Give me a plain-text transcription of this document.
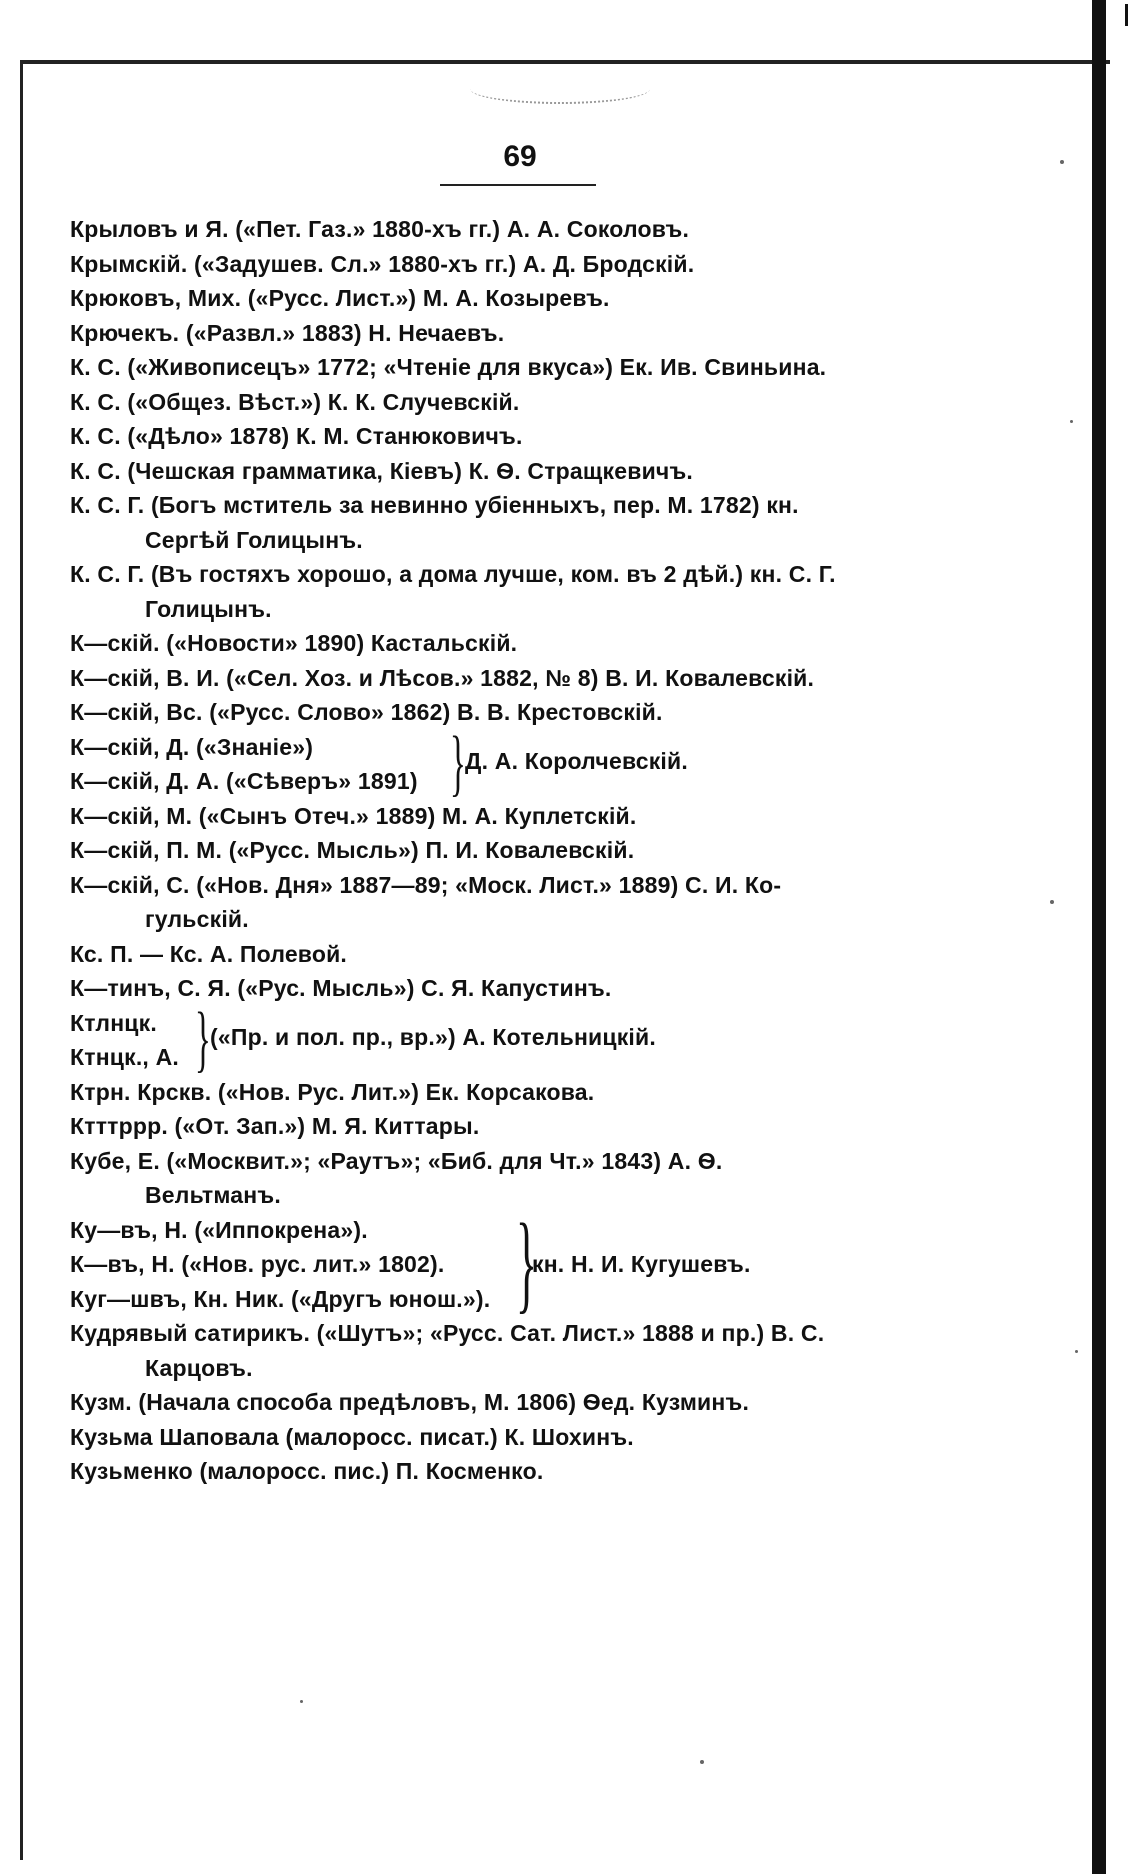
69
Крыловъ и Я. («Пет. Газ.» 1880-хъ гг.) А. А. Соколовъ.
Крымскій. («Задушев. Сл.» 1880-хъ гг.) А. Д. Бродскій.
Крюковъ, Мих. («Русс. Лист.») М. А. Козыревъ.
Крючекъ. («Развл.» 1883) Н. Нечаевъ.
К. С. («Живописецъ» 1772; «Чтеніе для вкуса») Ек. Ив. Свиньина.
К. С. («Общез. Вѣст.») К. К. Случевскій.
К. С. («Дѣло» 1878) К. М. Станюковичъ.
К. С. (Чешская грамматика, Кіевъ) К. Ѳ. Стращкевичъ.
К. С. Г. (Богъ мститель за невинно убіенныхъ, пер. М. 1782) кн.
Сергѣй Голицынъ.
К. С. Г. (Въ гостяхъ хорошо, а дома лучше, ком. въ 2 дѣй.) кн. С. Г.
Голицынъ.
К—скій. («Новости» 1890) Кастальскій.
К—скій, В. И. («Сел. Хоз. и Лѣсов.» 1882, № 8) В. И. Ковалевскій.
К—скій, Вс. («Русс. Слово» 1862) В. В. Крестовскій.
К—скій, Д. («Знаніе»)
К—скій, Д. А. («Сѣверъ» 1891) } Д. А. Королчевскій.
К—скій, М. («Сынъ Отеч.» 1889) М. А. Куплетскій.
К—скій, П. М. («Русс. Мысль») П. И. Ковалевскій.
К—скій, С. («Нов. Дня» 1887—89; «Моск. Лист.» 1889) С. И. Ко-
гульскій.
Кс. П. — Кс. А. Полевой.
К—тинъ, С. Я. («Рус. Мысль») С. Я. Капустинъ.
Ктлнцк.
Ктнцк., А. } («Пр. и пол. пр., вр.») А. Котельницкій.
Ктрн. Крскв. («Нов. Рус. Лит.») Ек. Корсакова.
Ктттррр. («От. Зап.») М. Я. Киттары.
Кубе, Е. («Москвит.»; «Раутъ»; «Биб. для Чт.» 1843) А. Ѳ.
Вельтманъ.
Ку—въ, Н. («Иппокрена»).
К—въ, Н. («Нов. рус. лит.» 1802).
Куг—швъ, Кн. Ник. («Другъ юнош.»). }
кн. Н. И. Кугушевъ.
Кудрявый сатирикъ. («Шутъ»; «Русс. Сат. Лист.» 1888 и пр.) В. С.
Карцовъ.
Кузм. (Начала способа предѣловъ, М. 1806) Ѳед. Кузминъ.
Кузьма Шаповала (малоросс. писат.) К. Шохинъ.
Кузьменко (малоросс. пис.) П. Косменко.
